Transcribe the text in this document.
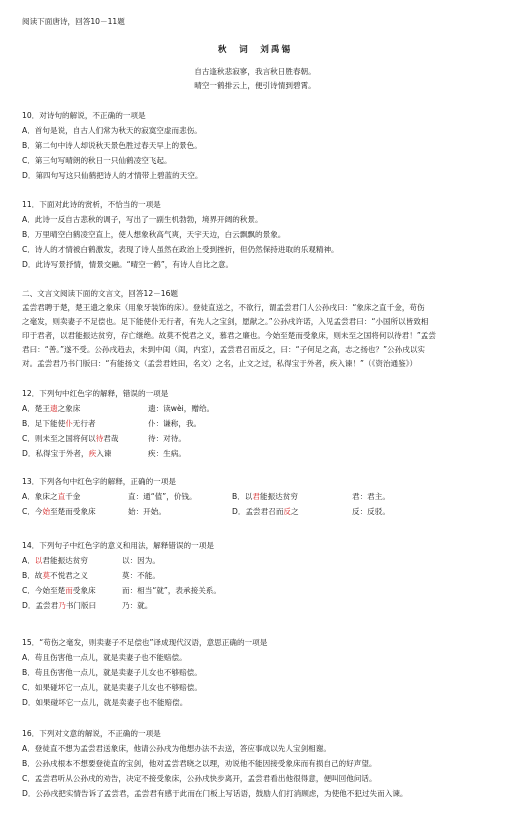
阅读下面唐诗，回答10－11题
秋　词　刘禹锡
自古逢秋悲寂寥，我言秋日胜春朝。
晴空一鹤排云上，便引诗情到碧霄。
10．对诗句的解说，不正确的一项是
A．首句是说，自古人们常为秋天的寂寞空虚而悲伤。
B．第二句中诗人却说秋天景色胜过春天早上的景色。
C．第三句写晴朗的秋日一只仙鹤凌空飞起。
D．第四句写这只仙鹤把诗人的才情带上碧蓝的天空。
11．下面对此诗的赏析，不恰当的一项是
A．此诗一反自古悲秋的调子，写出了一副生机勃勃，境界开阔的秋景。
B．万里晴空白鹤凌空直上，使人想象秋高气爽，天宇天边，白云飘飘的景象。
C．诗人的才情被白鹤激发，表现了诗人虽然在政治上受到挫折，但仍然保持进取的乐观精神。
D．此诗写景抒情，情景交融。“晴空一鹤”，有诗人自比之意。
二、文言文阅读下面的文言文，回答12－16题
孟尝君聘于楚，楚王遗之象床（用象牙装饰的床）。登徒直送之，不欲行，谓孟尝君门人公孙戌曰：“象床之直千金，苟伤
之毫发，则卖妻子不足偿也。足下能使仆无行者，有先人之宝剑，愿献之。”公孙戌许诺，入见孟尝君曰：“小国所以皆致相
印于君者，以君能振达贫穷，存亡继绝。故莫不悦君之义，慕君之廉也。今始至楚而受象床，则未至之国将何以待君！”孟尝
君曰：“善。”遂不受。公孙戌趋去，未到中闺（闺，内室），孟尝君召而反之，曰：“子何足之高，志之扬也？”公孙戌以实
对。孟尝君乃书门版曰：“有能扬文（孟尝君姓田，名文）之名，止文之过，私得宝于外者，疾入谏！”（《资治通鉴》）
12．下列句中红色字的解释，错误的一项是
A．楚王遗之象床	遗：读wèi，赠给。
B．足下能使仆无行者	仆：谦称，我。
C．则未至之国将何以待君哉	待：对待。
D．私得宝于外者，疾入谏	疾：生病。
13．下列各句中红色字的解释，正确的一项是
A．象床之直千金	直：通“值”，价钱。	B．以君能振达贫穷	君：君主。
C．今始至楚而受象床	始：开始。	D．孟尝君召而反之	反：反驳。
14．下列句子中红色字的意义和用法，解释错误的一项是
A．以君能振达贫穷	以：因为。
B．故莫不悦君之义	莫：不能。
C．今始至楚而受象床	而：相当“就”，表承接关系。
D．孟尝君乃书门版曰	乃：就。
15．“苟伤之毫发，则卖妻子不足偿也”译成现代汉语，意思正确的一项是
A．苟且伤害他一点儿，就是卖妻子也不能赔偿。
B．苟且伤害他一点儿，就是卖妻子儿女也不够赔偿。
C．如果碰坏它一点儿，就是卖妻子儿女也不够赔偿。
D．如果碰坏它一点儿，就是卖妻子也不能赔偿。
16．下列对文意的解说，不正确的一项是
A．登徒直不想为孟尝君送象床，他请公孙戌为他想办法不去送，答应事成以先人宝剑相谢。
B．公孙戌根本不想要登徒直的宝剑，他对孟尝君晓之以理，劝说他不能因接受象床而有损自己的好声望。
C．孟尝君听从公孙戌的劝告，决定不接受象床，公孙戌快步离开，孟尝君看出他很得意，便叫回他问话。
D．公孙戌把实情告诉了孟尝君，孟尝君有感于此而在门板上写话语，鼓励人们打消顾虑，为使他不犯过失而入谏。
